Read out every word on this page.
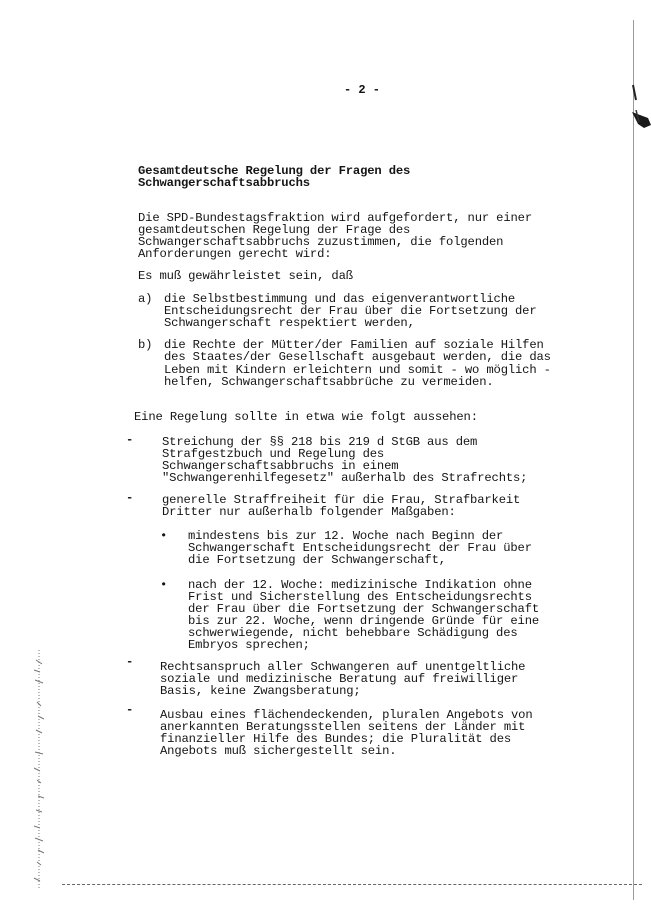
- 2 -
Gesamtdeutsche Regelung der Fragen des
Schwangerschaftsabbruchs
Die SPD-Bundestagsfraktion wird aufgefordert, nur einer
gesamtdeutschen Regelung der Frage des
Schwangerschaftsabbruchs zuzustimmen, die folgenden
Anforderungen gerecht wird:
Es muß gewährleistet sein, daß
a) die Selbstbestimmung und das eigenverantwortliche
Entscheidungsrecht der Frau über die Fortsetzung der
Schwangerschaft respektiert werden,
b) die Rechte der Mütter/der Familien auf soziale Hilfen
des Staates/der Gesellschaft ausgebaut werden, die das
Leben mit Kindern erleichtern und somit - wo möglich -
helfen, Schwangerschaftsabbrüche zu vermeiden.
Eine Regelung sollte in etwa wie folgt aussehen:
- Streichung der §§ 218 bis 219 d StGB aus dem
Strafgestzbuch und Regelung des
Schwangerschaftsabbruchs in einem
"Schwangerenhilfegesetz" außerhalb des Strafrechts;
- generelle Straffreiheit für die Frau, Strafbarkeit
Dritter nur außerhalb folgender Maßgaben:
• mindestens bis zur 12. Woche nach Beginn der
Schwangerschaft Entscheidungsrecht der Frau über
die Fortsetzung der Schwangerschaft,
• nach der 12. Woche: medizinische Indikation ohne
Frist und Sicherstellung des Entscheidungsrechts
der Frau über die Fortsetzung der Schwangerschaft
bis zur 22. Woche, wenn dringende Gründe für eine
schwerwiegende, nicht behebbare Schädigung des
Embryos sprechen;
- Rechtsanspruch aller Schwangeren auf unentgeltliche
soziale und medizinische Beratung auf freiwilliger
Basis, keine Zwangsberatung;
- Ausbau eines flächendeckenden, pluralen Angebots von
anerkannten Beratungsstellen seitens der Länder mit
finanzieller Hilfe des Bundes; die Pluralität des
Angebots muß sichergestellt sein.
